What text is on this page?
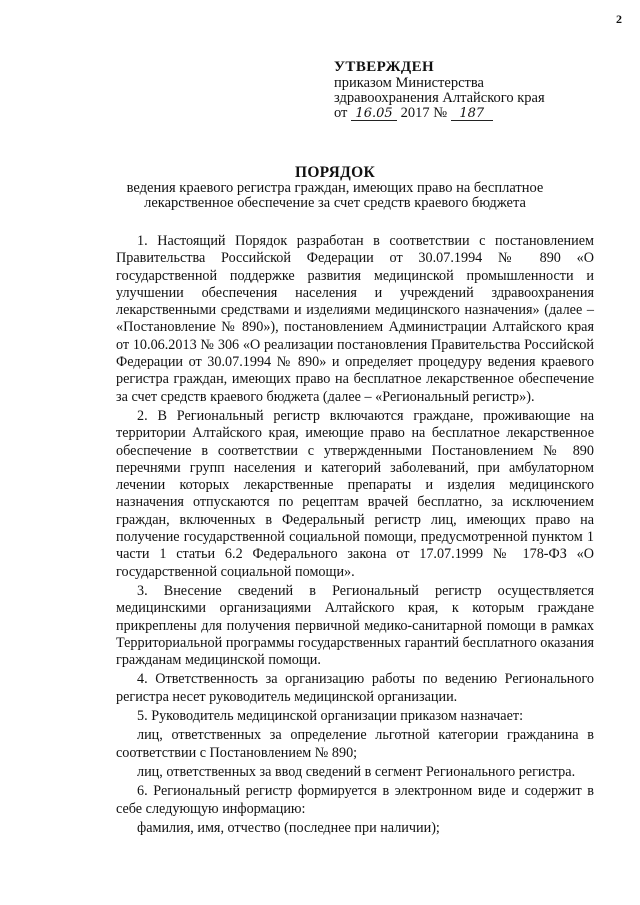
2
УТВЕРЖДЕН
приказом Министерства
здравоохранения Алтайского края
от 16.05 2017 № 187
ПОРЯДОК
ведения краевого регистра граждан, имеющих право на бесплатное
лекарственное обеспечение за счет средств краевого бюджета

1. Настоящий Порядок разработан в соответствии с постановлением Правительства Российской Федерации от 30.07.1994 № 890 «О государственной поддержке развития медицинской промышленности и улучшении обеспечения населения и учреждений здравоохранения лекарственными средствами и изделиями медицинского назначения» (далее – «Постановление № 890»), постановлением Администрации Алтайского края от 10.06.2013 № 306 «О реализации постановления Правительства Российской Федерации от 30.07.1994 № 890» и определяет процедуру ведения краевого регистра граждан, имеющих право на бесплатное лекарственное обеспечение за счет средств краевого бюджета (далее – «Региональный регистр»).

2. В Региональный регистр включаются граждане, проживающие на территории Алтайского края, имеющие право на бесплатное лекарственное обеспечение в соответствии с утвержденными Постановлением № 890 перечнями групп населения и категорий заболеваний, при амбулаторном лечении которых лекарственные препараты и изделия медицинского назначения отпускаются по рецептам врачей бесплатно, за исключением граждан, включенных в Федеральный регистр лиц, имеющих право на получение государственной социальной помощи, предусмотренной пунктом 1 части 1 статьи 6.2 Федерального закона от 17.07.1999 № 178-ФЗ «О государственной социальной помощи».

3. Внесение сведений в Региональный регистр осуществляется медицинскими организациями Алтайского края, к которым граждане прикреплены для получения первичной медико-санитарной помощи в рамках Территориальной программы государственных гарантий бесплатного оказания гражданам медицинской помощи.

4. Ответственность за организацию работы по ведению Регионального регистра несет руководитель медицинской организации.

5. Руководитель медицинской организации приказом назначает:

лиц, ответственных за определение льготной категории гражданина в соответствии с Постановлением № 890;

лиц, ответственных за ввод сведений в сегмент Регионального регистра.

6. Региональный регистр формируется в электронном виде и содержит в себе следующую информацию:

фамилия, имя, отчество (последнее при наличии);
